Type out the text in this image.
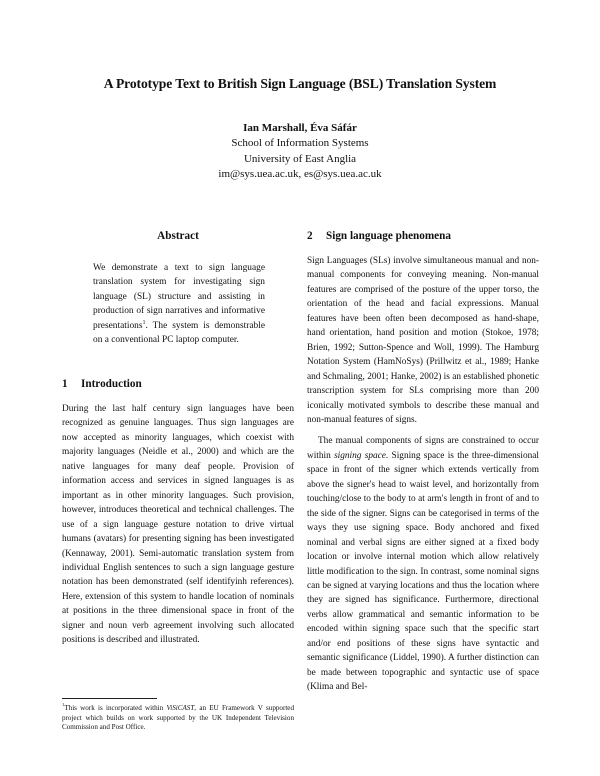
A Prototype Text to British Sign Language (BSL) Translation System
Ian Marshall, Éva Sáfár
School of Information Systems
University of East Anglia
im@sys.uea.ac.uk, es@sys.uea.ac.uk
Abstract
We demonstrate a text to sign language translation system for investigating sign language (SL) structure and assisting in production of sign narratives and informative presentations$^1$. The system is demonstrable on a conventional PC laptop computer.
1 Introduction

During the last half century sign languages have been recognized as genuine languages. Thus sign languages are now accepted as minority languages, which coexist with majority languages (Neidle et al., 2000) and which are the native languages for many deaf people. Provision of information access and services in signed languages is as important as in other minority languages. Such provision, however, introduces theoretical and technical challenges. The use of a sign language gesture notation to drive virtual humans (avatars) for presenting signing has been investigated (Kennaway, 2001). Semi-automatic translation system from individual English sentences to such a sign language gesture notation has been demonstrated (self identifyinh references). Here, extension of this system to handle location of nominals at positions in the three dimensional space in front of the signer and noun verb agreement involving such allocated positions is described and illustrated.

$^1$This work is incorporated within ViSiCAST, an EU Framework V supported project which builds on work supported by the UK Independent Television Commission and Post Office.
2 Sign language phenomena

Sign Languages (SLs) involve simultaneous manual and non-manual components for conveying meaning. Non-manual features are comprised of the posture of the upper torso, the orientation of the head and facial expressions. Manual features have been often been decomposed as hand-shape, hand orientation, hand position and motion (Stokoe, 1978; Brien, 1992; Sutton-Spence and Woll, 1999). The Hamburg Notation System (HamNoSys) (Prillwitz et al., 1989; Hanke and Schmaling, 2001; Hanke, 2002) is an established phonetic transcription system for SLs comprising more than 200 iconically motivated symbols to describe these manual and non-manual features of signs.

The manual components of signs are constrained to occur within signing space. Signing space is the three-dimensional space in front of the signer which extends vertically from above the signer's head to waist level, and horizontally from touching/close to the body to at arm's length in front of and to the side of the signer. Signs can be categorised in terms of the ways they use signing space. Body anchored and fixed nominal and verbal signs are either signed at a fixed body location or involve internal motion which allow relatively little modification to the sign. In contrast, some nominal signs can be signed at varying locations and thus the location where they are signed has significance. Furthermore, directional verbs allow grammatical and semantic information to be encoded within signing space such that the specific start and/or end positions of these signs have syntactic and semantic significance (Liddel, 1990). A further distinction can be made between topographic and syntactic use of space (Klima and Bel-
